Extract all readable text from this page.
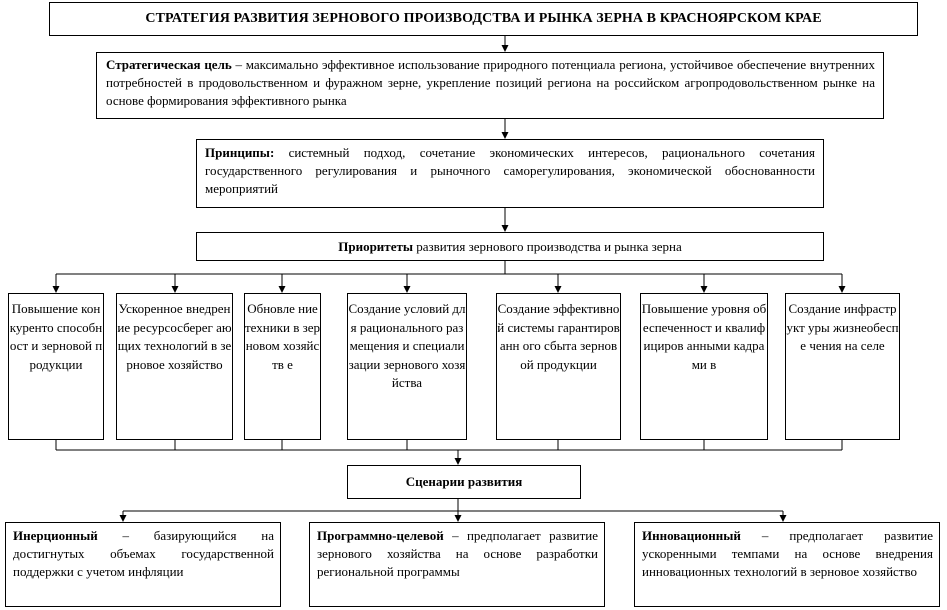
СТРАТЕГИЯ РАЗВИТИЯ ЗЕРНОВОГО ПРОИЗВОДСТВА И РЫНКА ЗЕРНА В КРАСНОЯРСКОМ КРАЕ
Стратегическая цель – максимально эффективное использование природного потенциала региона, устойчивое обеспечение внутренних потребностей в продовольственном и фуражном зерне, укрепление позиций региона на российском агропродовольственном рынке на основе формирования эффективного рынка
Принципы: системный подход, сочетание экономических интересов, рационального сочетания государственного регулирования и рыночного саморегулирования, экономической обоснованности мероприятий
Приоритеты развития зернового производства и рынка зерна
Повышение конкуренто способност и зерновой продукции
Ускоренное внедрение ресурсосберег ающих технологий в зерновое хозяйство
Обновле ние техники в зерновом хозяйств е
Создание условий для рационального размещения и специализации зернового хозяйства
Создание эффективной системы гарантированн ого сбыта зерновой продукции
Повышение уровня обеспеченност и квалифициров анными кадрами в
Создание инфраструкт уры жизнеобеспе чения на селе
Сценарии развития
Инерционный – базирующийся на достигнутых объемах государственной поддержки с учетом инфляции
Программно-целевой – предполагает развитие зернового хозяйства на основе разработки региональной программы
Инновационный – предполагает развитие ускоренными темпами на основе внедрения инновационных технологий в зерновое хозяйство
